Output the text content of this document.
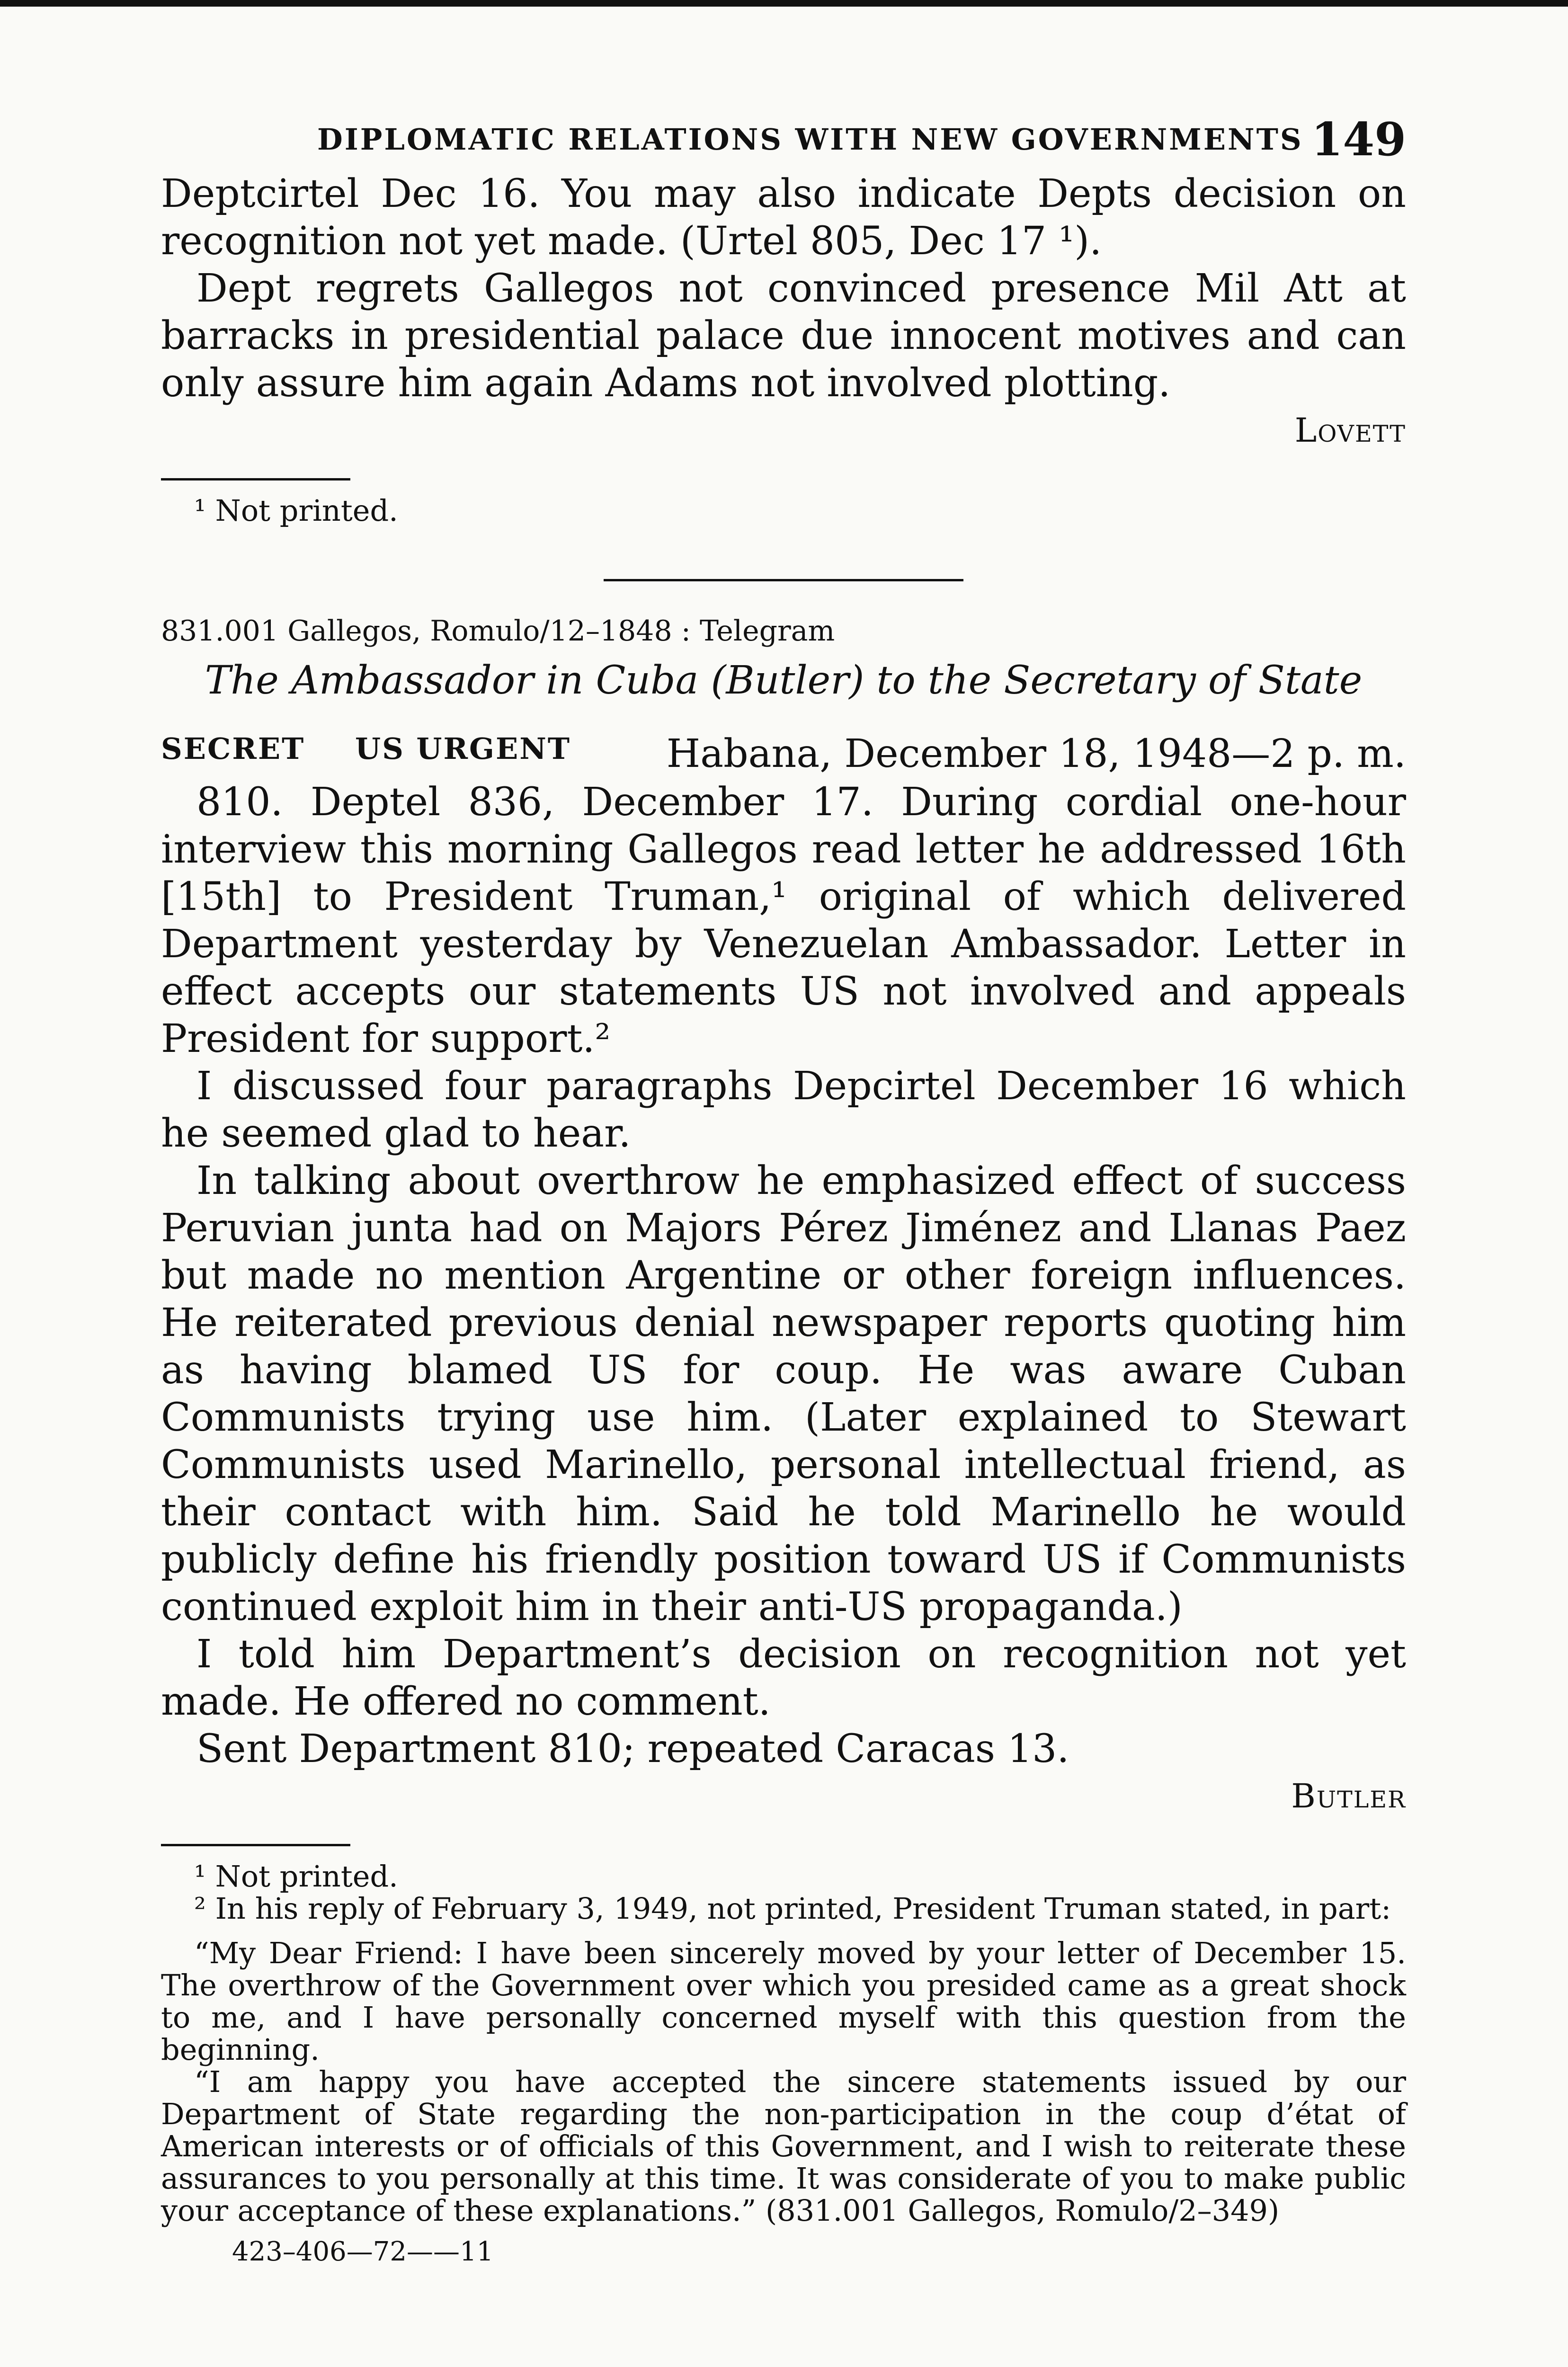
DIPLOMATIC RELATIONS WITH NEW GOVERNMENTS 149

Deptcirtel Dec 16. You may also indicate Depts decision on recognition not yet made. (Urtel 805, Dec 17 ¹).

Dept regrets Gallegos not convinced presence Mil Att at barracks in presidential palace due innocent motives and can only assure him again Adams not involved plotting.

Lovett

¹ Not printed.

831.001 Gallegos, Romulo/12–1848 : Telegram
The Ambassador in Cuba (Butler) to the Secretary of State
SECRET US URGENT Habana, December 18, 1948—2 p. m.

810. Deptel 836, December 17. During cordial one-hour interview this morning Gallegos read letter he addressed 16th [15th] to President Truman,¹ original of which delivered Department yesterday by Venezuelan Ambassador. Letter in effect accepts our statements US not involved and appeals President for support.²

I discussed four paragraphs Depcirtel December 16 which he seemed glad to hear.

In talking about overthrow he emphasized effect of success Peruvian junta had on Majors Pérez Jiménez and Llanas Paez but made no mention Argentine or other foreign influences. He reiterated previous denial newspaper reports quoting him as having blamed US for coup. He was aware Cuban Communists trying use him. (Later explained to Stewart Communists used Marinello, personal intellectual friend, as their contact with him. Said he told Marinello he would publicly define his friendly position toward US if Communists continued exploit him in their anti-US propaganda.)

I told him Department’s decision on recognition not yet made. He offered no comment.

Sent Department 810; repeated Caracas 13.

Butler

¹ Not printed.

² In his reply of February 3, 1949, not printed, President Truman stated, in part:

“My Dear Friend: I have been sincerely moved by your letter of December 15. The overthrow of the Government over which you presided came as a great shock to me, and I have personally concerned myself with this question from the beginning.

“I am happy you have accepted the sincere statements issued by our Department of State regarding the non-participation in the coup d’état of American interests or of officials of this Government, and I wish to reiterate these assurances to you personally at this time. It was considerate of you to make public your acceptance of these explanations.” (831.001 Gallegos, Romulo/2–349)

423–406—72——11
